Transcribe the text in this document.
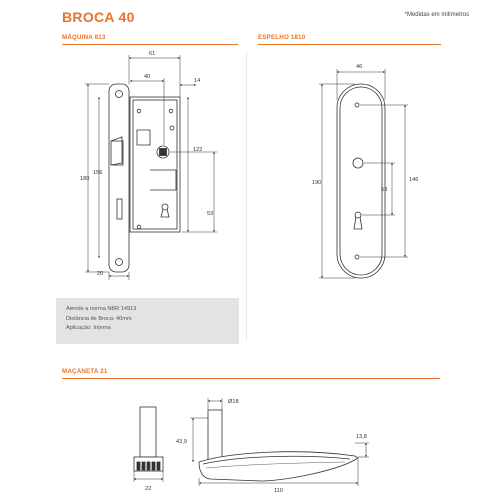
BROCA 40	*Medidas em milímetros
MÁQUINA 813	ESPELHO 1810
Atende a norma NBR 14913
Distância de Broca: 40mm
Aplicação: Interna
MAÇANETA 21
61
40
14
180
156
122
53
20
46
190	146
53
Ø18
43,9
13,8
22	110
